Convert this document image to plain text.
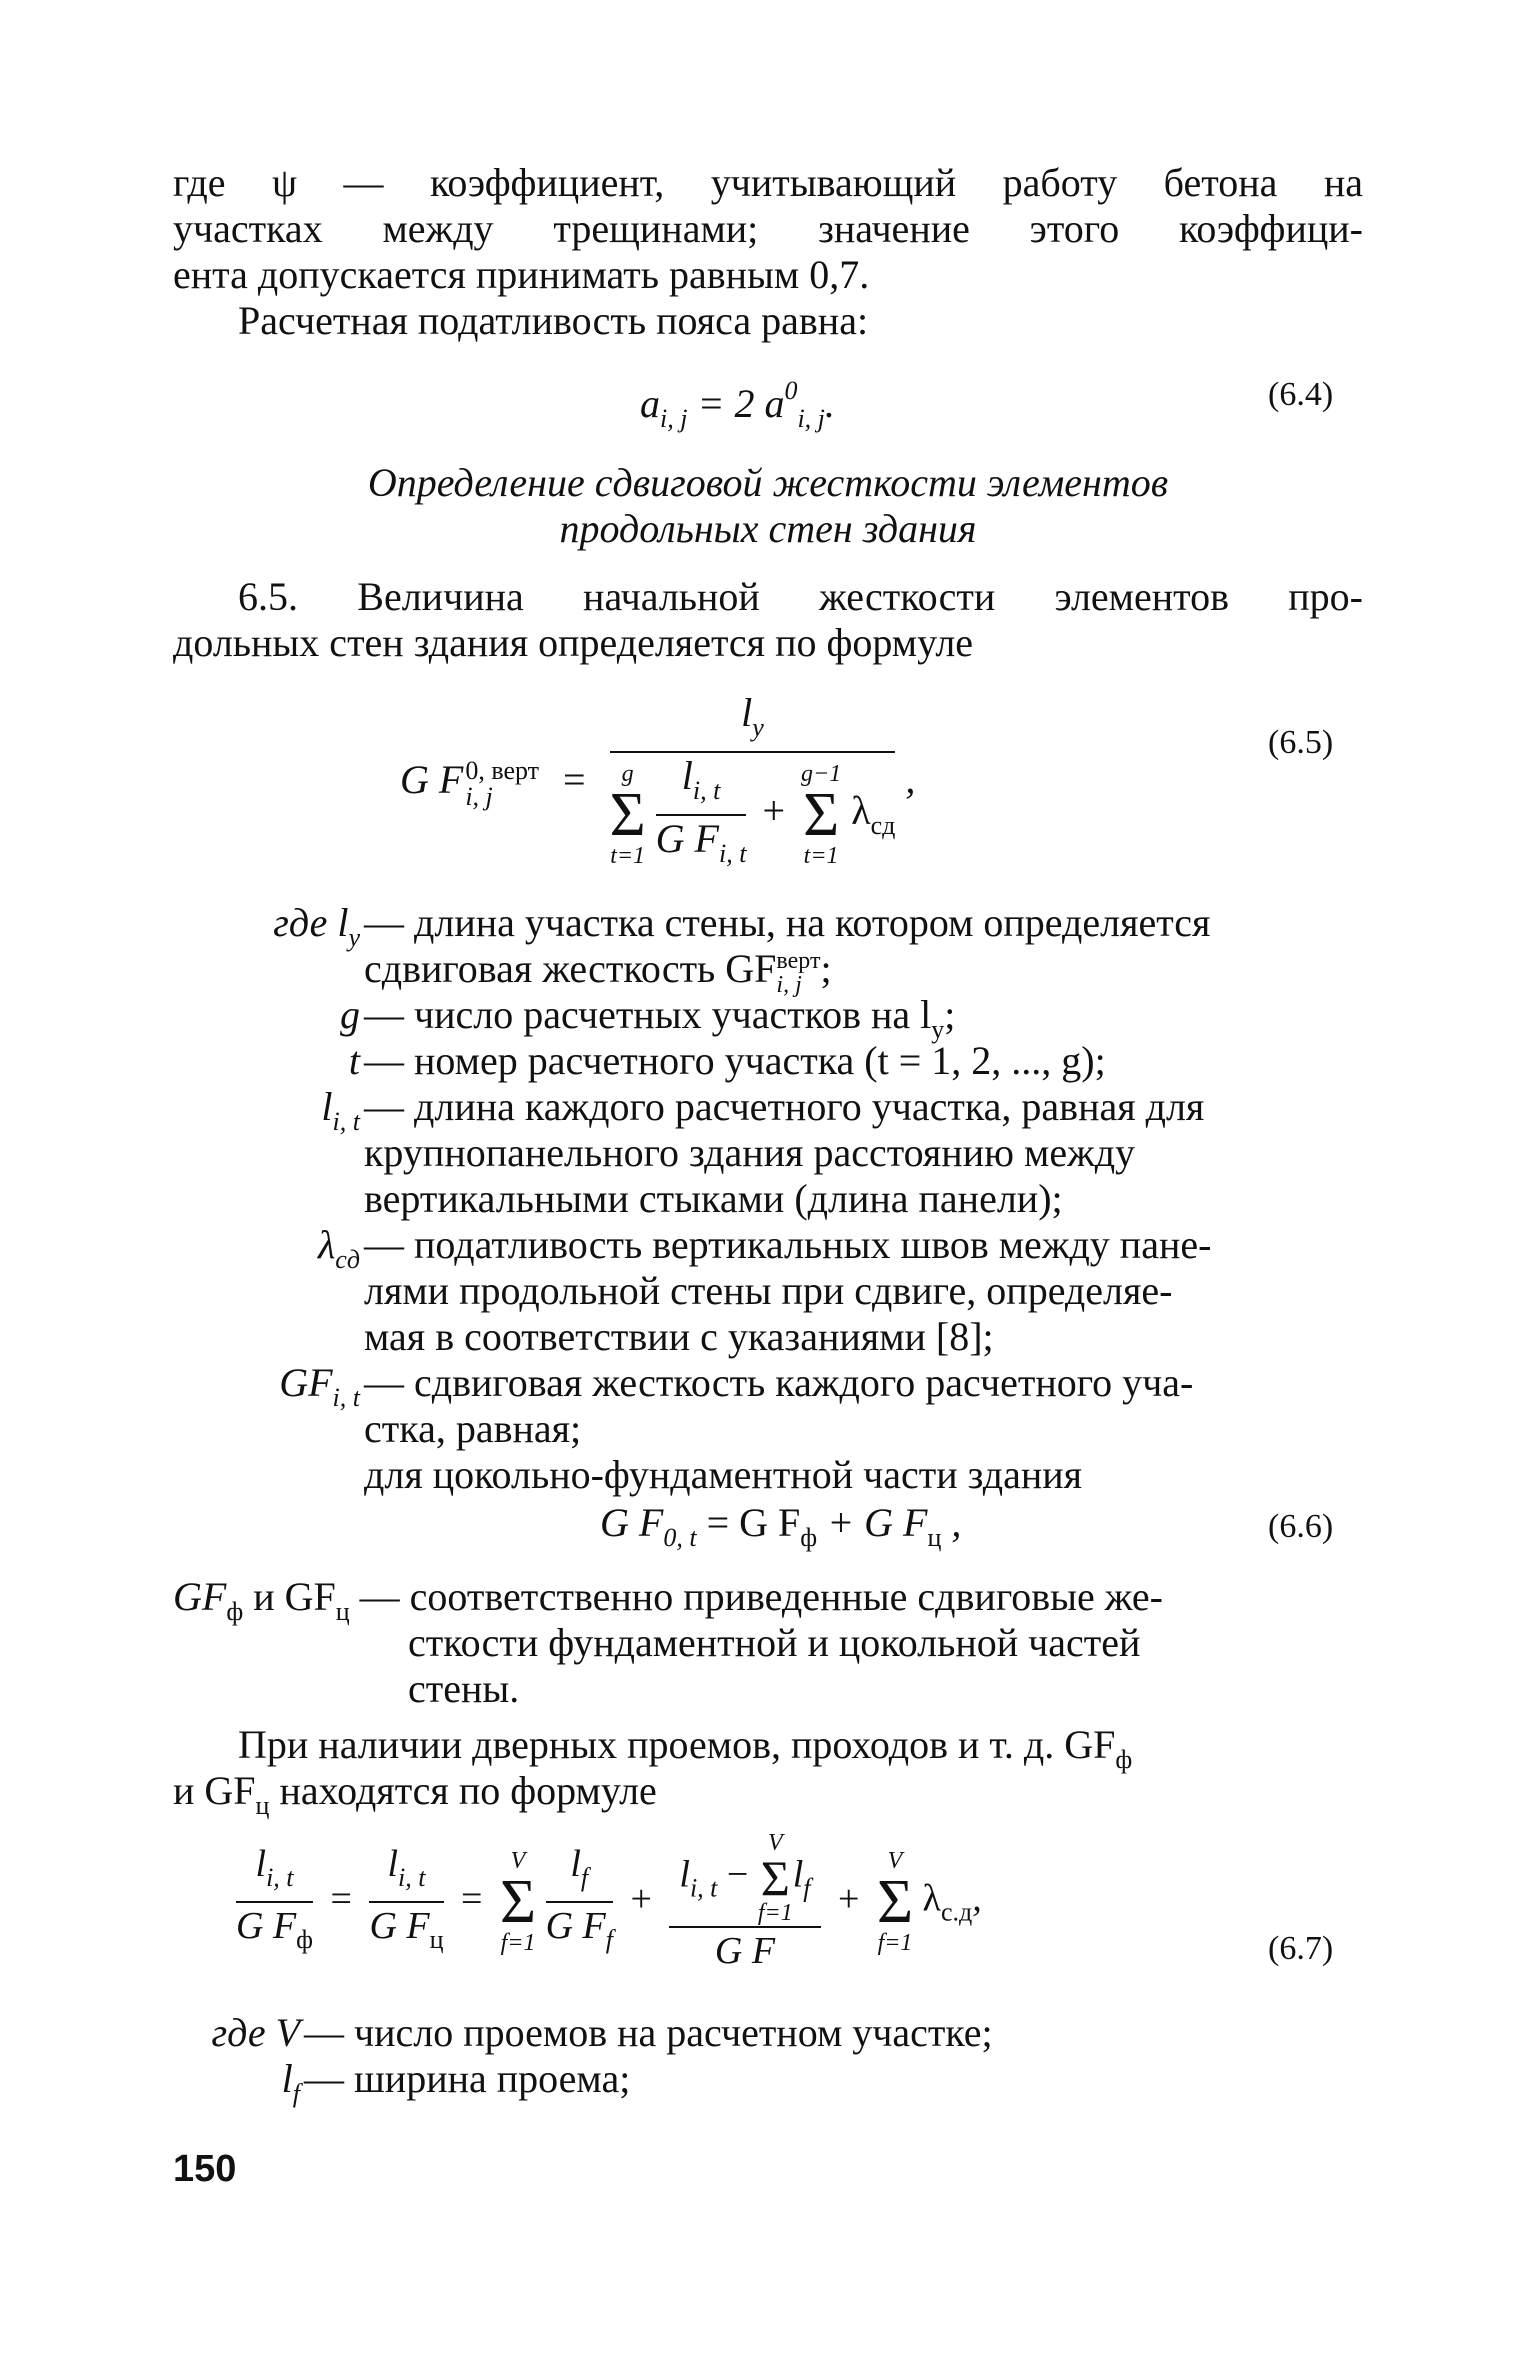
где ψ — коэффициент, учитывающий работу бетона на
участках между трещинами; значение этого коэффици-
ента допускается принимать равным 0,7.
Расчетная податливость пояса равна:
$a_{i, j} = 2$ $a^0_{i, j}$.	(6.4)
Определение сдвиговой жесткости элементов
продольных стен здания
6.5. Величина начальной жесткости элементов про-
дольных стен здания определяется по формуле
G F 0, верт
i, j	=
$l_y$
g
Σ
t=1
$\frac{l_{i, t}}{G F_{i, t}}$ +
g−1
Σ
t=1
$\lambda_{сд}$
,
(6.5)
где $l_y$ — длина участка стены, на котором определяется
сдвиговая жесткость GF верт
i, j ;
g — число расчетных участков на $l_y$;
t — номер расчетного участка (t = 1, 2, ..., g);
$l_{i, t}$ — длина каждого расчетного участка, равная для
крупнопанельного здания расстоянию между
вертикальными стыками (длина панели);
$\lambda_{сд}$ — податливость вертикальных швов между пане-
лями продольной стены при сдвиге, определяе-
мая в соответствии с указаниями [8];
$GF_{i, t}$ — сдвиговая жесткость каждого расчетного уча-
стка, равная;
для цокольно-фундаментной части здания
G $F_{0, t} = G$ $F_ф + G$ $F_ц$ ,	(6.6)
$GF_ф$ и $GF_ц$ — соответственно приведенные сдвиговые же-
сткости фундаментной и цокольной частей
стены.
При наличии дверных проемов, проходов и т. д. $GF_ф$
и $GF_ц$ находятся по формуле
$\frac{l_{i, t}}{G F_ф} = \frac{l_{i, t}}{G F_ц}$ =
V
Σ
f=1
$\frac{l_f}{G F_f} + l_{i, t}$ −
V
Σ
f=1
$l_f$
G F +
V
Σ
f=1
$\lambda_{с.д}$,
(6.7)
где V — число проемов на расчетном участке;
$l_f$ — ширина проема;
150
